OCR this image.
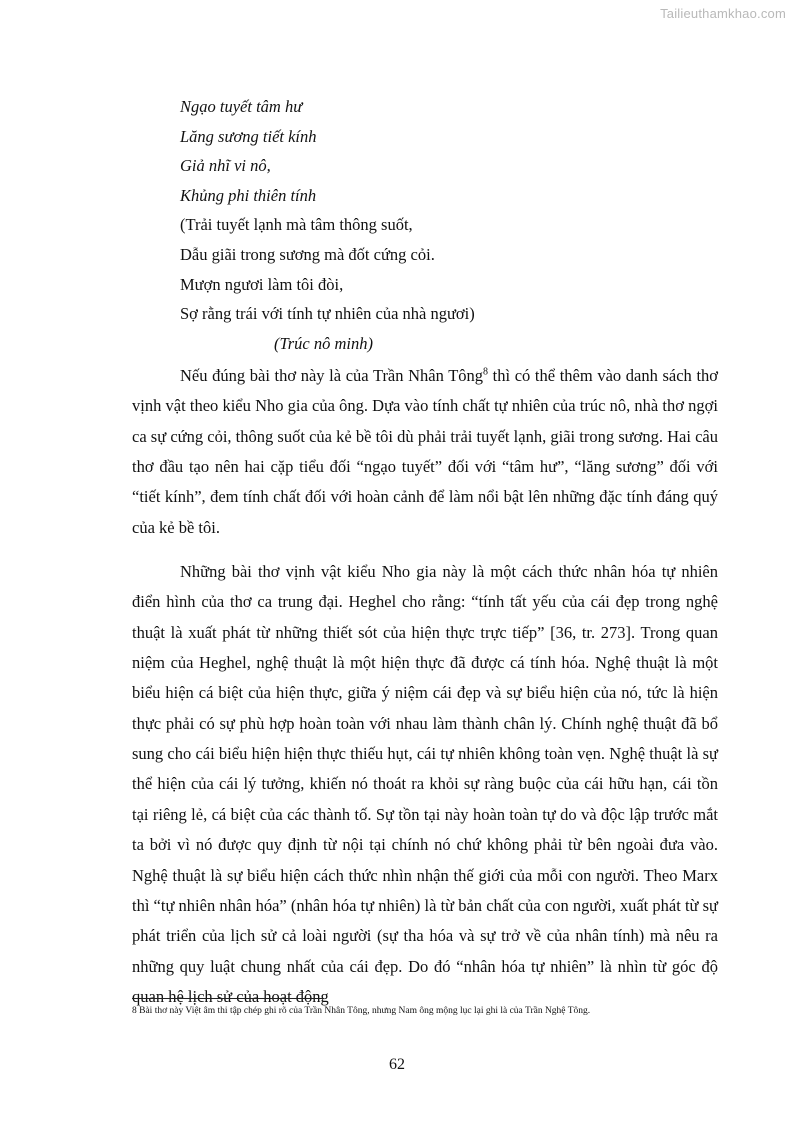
Tailieuthamkhao.com
Ngạo tuyết tâm hư
Lăng sương tiết kính
Giả nhĩ vi nô,
Khủng phi thiên tính
(Trải tuyết lạnh mà tâm thông suốt,
Dẫu giãi trong sương mà đốt cứng cỏi.
Mượn ngươi làm tôi đòi,
Sợ rằng trái với tính tự nhiên của nhà ngươi)
(Trúc nô minh)

Nếu đúng bài thơ này là của Trần Nhân Tông$^8$ thì có thể thêm vào danh sách thơ vịnh vật theo kiểu Nho gia của ông. Dựa vào tính chất tự nhiên của trúc nô, nhà thơ ngợi ca sự cứng cỏi, thông suốt của kẻ bề tôi dù phải trải tuyết lạnh, giãi trong sương. Hai câu thơ đầu tạo nên hai cặp tiểu đối “ngạo tuyết” đối với “tâm hư”, “lăng sương” đối với “tiết kính”, đem tính chất đối với hoàn cảnh để làm nổi bật lên những đặc tính đáng quý của kẻ bề tôi.

Những bài thơ vịnh vật kiểu Nho gia này là một cách thức nhân hóa tự nhiên điển hình của thơ ca trung đại. Heghel cho rằng: “tính tất yếu của cái đẹp trong nghệ thuật là xuất phát từ những thiết sót của hiện thực trực tiếp” [36, tr. 273]. Trong quan niệm của Heghel, nghệ thuật là một hiện thực đã được cá tính hóa. Nghệ thuật là một biểu hiện cá biệt của hiện thực, giữa ý niệm cái đẹp và sự biểu hiện của nó, tức là hiện thực phải có sự phù hợp hoàn toàn với nhau làm thành chân lý. Chính nghệ thuật đã bổ sung cho cái biểu hiện hiện thực thiếu hụt, cái tự nhiên không toàn vẹn. Nghệ thuật là sự thể hiện của cái lý tưởng, khiến nó thoát ra khỏi sự ràng buộc của cái hữu hạn, cái tồn tại riêng lẻ, cá biệt của các thành tố. Sự tồn tại này hoàn toàn tự do và độc lập trước mắt ta bởi vì nó được quy định từ nội tại chính nó chứ không phải từ bên ngoài đưa vào. Nghệ thuật là sự biểu hiện cách thức nhìn nhận thế giới của mỗi con người. Theo Marx thì “tự nhiên nhân hóa” (nhân hóa tự nhiên) là từ bản chất của con người, xuất phát từ sự phát triển của lịch sử cả loài người (sự tha hóa và sự trở về của nhân tính) mà nêu ra những quy luật chung nhất của cái đẹp. Do đó “nhân hóa tự nhiên” là nhìn từ góc độ quan hệ lịch sử của hoạt động

8 Bài thơ này Việt âm thi tập chép ghi rõ của Trần Nhân Tông, nhưng Nam ông mộng lục lại ghi là của Trần Nghệ Tông.
62
